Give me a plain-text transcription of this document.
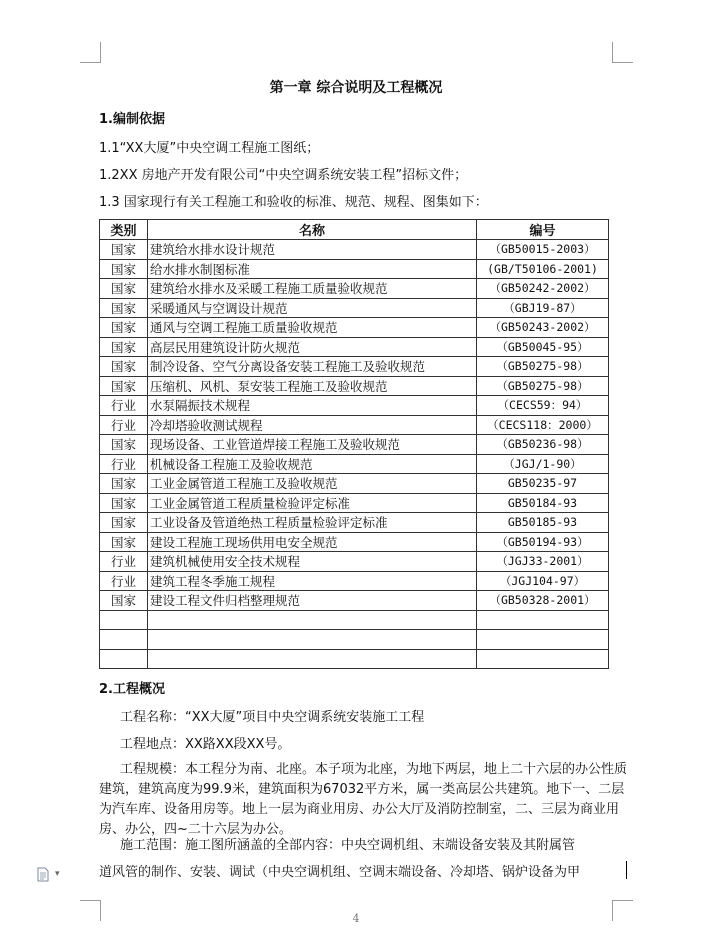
第一章 综合说明及工程概况
1.编制依据
1.1“XX大厦”中央空调工程施工图纸；
1.2XX 房地产开发有限公司“中央空调系统安装工程”招标文件；
1.3 国家现行有关工程施工和验收的标准、规范、规程、图集如下：
类别	名称	编号
国家	建筑给水排水设计规范	（GB50015-2003）
国家	给水排水制图标准	(GB/T50106-2001)
国家	建筑给水排水及采暖工程施工质量验收规范	（GB50242-2002）
国家	采暖通风与空调设计规范	（GBJ19-87）
国家	通风与空调工程施工质量验收规范	（GB50243-2002）
国家	高层民用建筑设计防火规范	（GB50045-95）
国家	制冷设备、空气分离设备安装工程施工及验收规范	（GB50275-98）
国家	压缩机、风机、泵安装工程施工及验收规范	（GB50275-98）
行业	水泵隔振技术规程	（CECS59：94）
行业	冷却塔验收测试规程	（CECS118：2000）
国家	现场设备、工业管道焊接工程施工及验收规范	（GB50236-98）
行业	机械设备工程施工及验收规范	（JGJ/1-90）
国家	工业金属管道工程施工及验收规范	GB50235-97
国家	工业金属管道工程质量检验评定标准	GB50184-93
国家	工业设备及管道绝热工程质量检验评定标准	GB50185-93
国家	建设工程施工现场供用电安全规范	（GB50194-93）
行业	建筑机械使用安全技术规程	（JGJ33-2001）
行业	建筑工程冬季施工规程	（JGJ104-97）
国家	建设工程文件归档整理规范	（GB50328-2001）

2.工程概况
工程名称：“XX大厦”项目中央空调系统安装施工工程
工程地点：XX路XX段XX号。
工程规模：本工程分为南、北座。本子项为北座，为地下两层，地上二十六层的办公性质建筑，建筑高度为99.9米，建筑面积为67032平方米，属一类高层公共建筑。地下一、二层为汽车库、设备用房等。地上一层为商业用房、办公大厅及消防控制室，二、三层为商业用房、办公，四~二十六层为办公。
施工范围：施工图所涵盖的全部内容：中央空调机组、末端设备安装及其附属管
道风管的制作、安装、调试（中央空调机组、空调末端设备、冷却塔、锅炉设备为甲
▾
4
